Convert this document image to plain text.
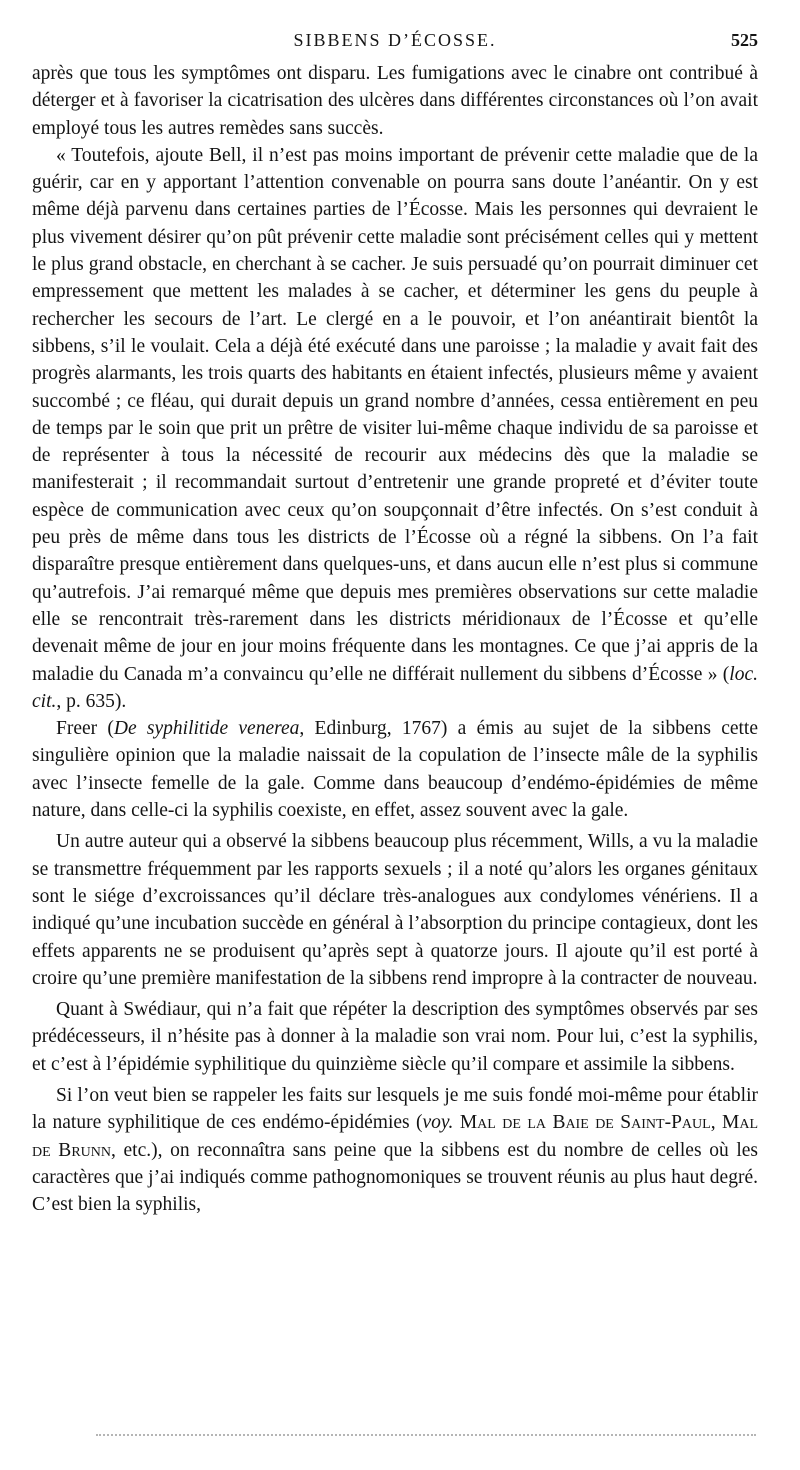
SIBBENS D’ÉCOSSE.	525

après que tous les symptômes ont disparu. Les fumigations avec le cinabre ont contribué à déterger et à favoriser la cicatrisation des ulcères dans différentes circonstances où l’on avait employé tous les autres remèdes sans succès.

« Toutefois, ajoute Bell, il n’est pas moins important de prévenir cette maladie que de la guérir, car en y apportant l’attention convenable on pourra sans doute l’anéantir. On y est même déjà parvenu dans certaines parties de l’Écosse. Mais les personnes qui devraient le plus vivement désirer qu’on pût prévenir cette maladie sont précisément celles qui y mettent le plus grand obstacle, en cherchant à se cacher. Je suis persuadé qu’on pourrait diminuer cet empressement que mettent les malades à se cacher, et déterminer les gens du peuple à rechercher les secours de l’art. Le clergé en a le pouvoir, et l’on anéantirait bientôt la sibbens, s’il le voulait. Cela a déjà été exécuté dans une paroisse ; la maladie y avait fait des progrès alarmants, les trois quarts des habitants en étaient infectés, plusieurs même y avaient succombé ; ce fléau, qui durait depuis un grand nombre d’années, cessa entièrement en peu de temps par le soin que prit un prêtre de visiter lui-même chaque individu de sa paroisse et de représenter à tous la nécessité de recourir aux médecins dès que la maladie se manifesterait ; il recommandait surtout d’entretenir une grande propreté et d’éviter toute espèce de communication avec ceux qu’on soupçonnait d’être infectés. On s’est conduit à peu près de même dans tous les districts de l’Écosse où a régné la sibbens. On l’a fait disparaître presque entièrement dans quelques-uns, et dans aucun elle n’est plus si commune qu’autrefois. J’ai remarqué même que depuis mes premières observations sur cette maladie elle se rencontrait très-rarement dans les districts méridionaux de l’Écosse et qu’elle devenait même de jour en jour moins fréquente dans les montagnes. Ce que j’ai appris de la maladie du Canada m’a convaincu qu’elle ne différait nullement du sibbens d’Écosse » (loc. cit., p. 635).

Freer (De syphilitide venerea, Edinburg, 1767) a émis au sujet de la sibbens cette singulière opinion que la maladie naissait de la copulation de l’insecte mâle de la syphilis avec l’insecte femelle de la gale. Comme dans beaucoup d’endémo-épidémies de même nature, dans celle-ci la syphilis coexiste, en effet, assez souvent avec la gale.

Un autre auteur qui a observé la sibbens beaucoup plus récemment, Wills, a vu la maladie se transmettre fréquemment par les rapports sexuels ; il a noté qu’alors les organes génitaux sont le siége d’excroissances qu’il déclare très-analogues aux condylomes vénériens. Il a indiqué qu’une incubation succède en général à l’absorption du principe contagieux, dont les effets apparents ne se produisent qu’après sept à quatorze jours. Il ajoute qu’il est porté à croire qu’une première manifestation de la sibbens rend impropre à la contracter de nouveau.

Quant à Swédiaur, qui n’a fait que répéter la description des symptômes observés par ses prédécesseurs, il n’hésite pas à donner à la maladie son vrai nom. Pour lui, c’est la syphilis, et c’est à l’épidémie syphilitique du quinzième siècle qu’il compare et assimile la sibbens.

Si l’on veut bien se rappeler les faits sur lesquels je me suis fondé moi-même pour établir la nature syphilitique de ces endémo-épidémies (voy. Mal de la Baie de Saint-Paul, Mal de Brunn, etc.), on reconnaîtra sans peine que la sibbens est du nombre de celles où les caractères que j’ai indiqués comme pathognomoniques se trouvent réunis au plus haut degré. C’est bien la syphilis,
